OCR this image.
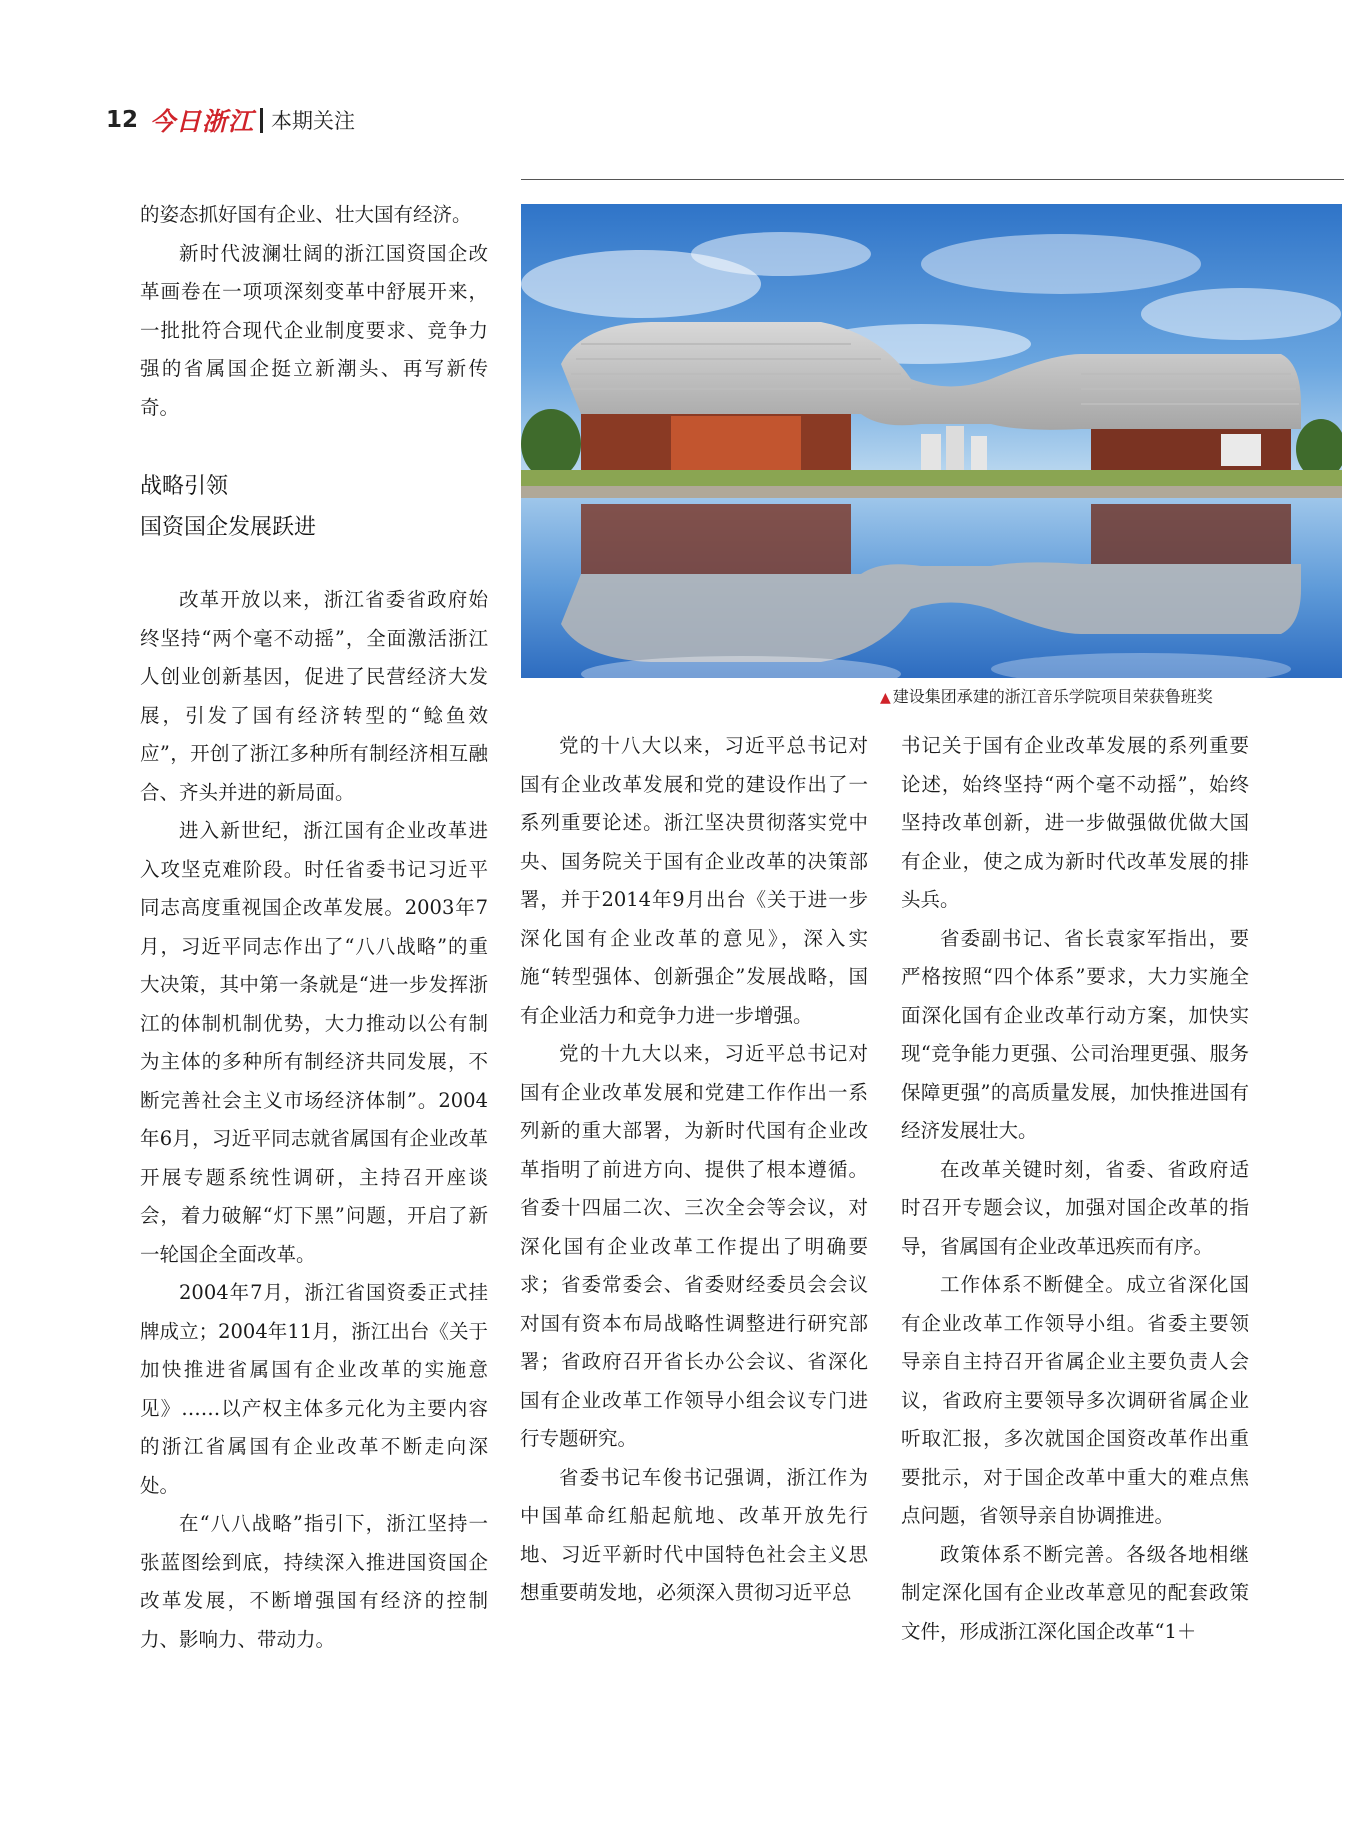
12 今日浙江 本期关注

的姿态抓好国有企业、壮大国有经济。

新时代波澜壮阔的浙江国资国企改革画卷在一项项深刻变革中舒展开来，一批批符合现代企业制度要求、竞争力强的省属国企挺立新潮头、再写新传奇。

战略引领
国资国企发展跃进

改革开放以来，浙江省委省政府始终坚持“两个毫不动摇”，全面激活浙江人创业创新基因，促进了民营经济大发展，引发了国有经济转型的“鲶鱼效应”，开创了浙江多种所有制经济相互融合、齐头并进的新局面。

进入新世纪，浙江国有企业改革进入攻坚克难阶段。时任省委书记习近平同志高度重视国企改革发展。2003年7月，习近平同志作出了“八八战略”的重大决策，其中第一条就是“进一步发挥浙江的体制机制优势，大力推动以公有制为主体的多种所有制经济共同发展，不断完善社会主义市场经济体制”。2004年6月，习近平同志就省属国有企业改革开展专题系统性调研，主持召开座谈会，着力破解“灯下黑”问题，开启了新一轮国企全面改革。

2004年7月，浙江省国资委正式挂牌成立；2004年11月，浙江出台《关于加快推进省属国有企业改革的实施意见》……以产权主体多元化为主要内容的浙江省属国有企业改革不断走向深处。

在“八八战略”指引下，浙江坚持一张蓝图绘到底，持续深入推进国资国企改革发展，不断增强国有经济的控制力、影响力、带动力。

▲ 建设集团承建的浙江音乐学院项目荣获鲁班奖

党的十八大以来，习近平总书记对国有企业改革发展和党的建设作出了一系列重要论述。浙江坚决贯彻落实党中央、国务院关于国有企业改革的决策部署，并于2014年9月出台《关于进一步深化国有企业改革的意见》，深入实施“转型强体、创新强企”发展战略，国有企业活力和竞争力进一步增强。

党的十九大以来，习近平总书记对国有企业改革发展和党建工作作出一系列新的重大部署，为新时代国有企业改革指明了前进方向、提供了根本遵循。省委十四届二次、三次全会等会议，对深化国有企业改革工作提出了明确要求；省委常委会、省委财经委员会会议对国有资本布局战略性调整进行研究部署；省政府召开省长办公会议、省深化国有企业改革工作领导小组会议专门进行专题研究。

省委书记车俊书记强调，浙江作为中国革命红船起航地、改革开放先行地、习近平新时代中国特色社会主义思想重要萌发地，必须深入贯彻习近平总

书记关于国有企业改革发展的系列重要论述，始终坚持“两个毫不动摇”，始终坚持改革创新，进一步做强做优做大国有企业，使之成为新时代改革发展的排头兵。

省委副书记、省长袁家军指出，要严格按照“四个体系”要求，大力实施全面深化国有企业改革行动方案，加快实现“竞争能力更强、公司治理更强、服务保障更强”的高质量发展，加快推进国有经济发展壮大。

在改革关键时刻，省委、省政府适时召开专题会议，加强对国企改革的指导，省属国有企业改革迅疾而有序。

工作体系不断健全。成立省深化国有企业改革工作领导小组。省委主要领导亲自主持召开省属企业主要负责人会议，省政府主要领导多次调研省属企业听取汇报，多次就国企国资改革作出重要批示，对于国企改革中重大的难点焦点问题，省领导亲自协调推进。

政策体系不断完善。各级各地相继制定深化国有企业改革意见的配套政策文件，形成浙江深化国企改革“1＋
